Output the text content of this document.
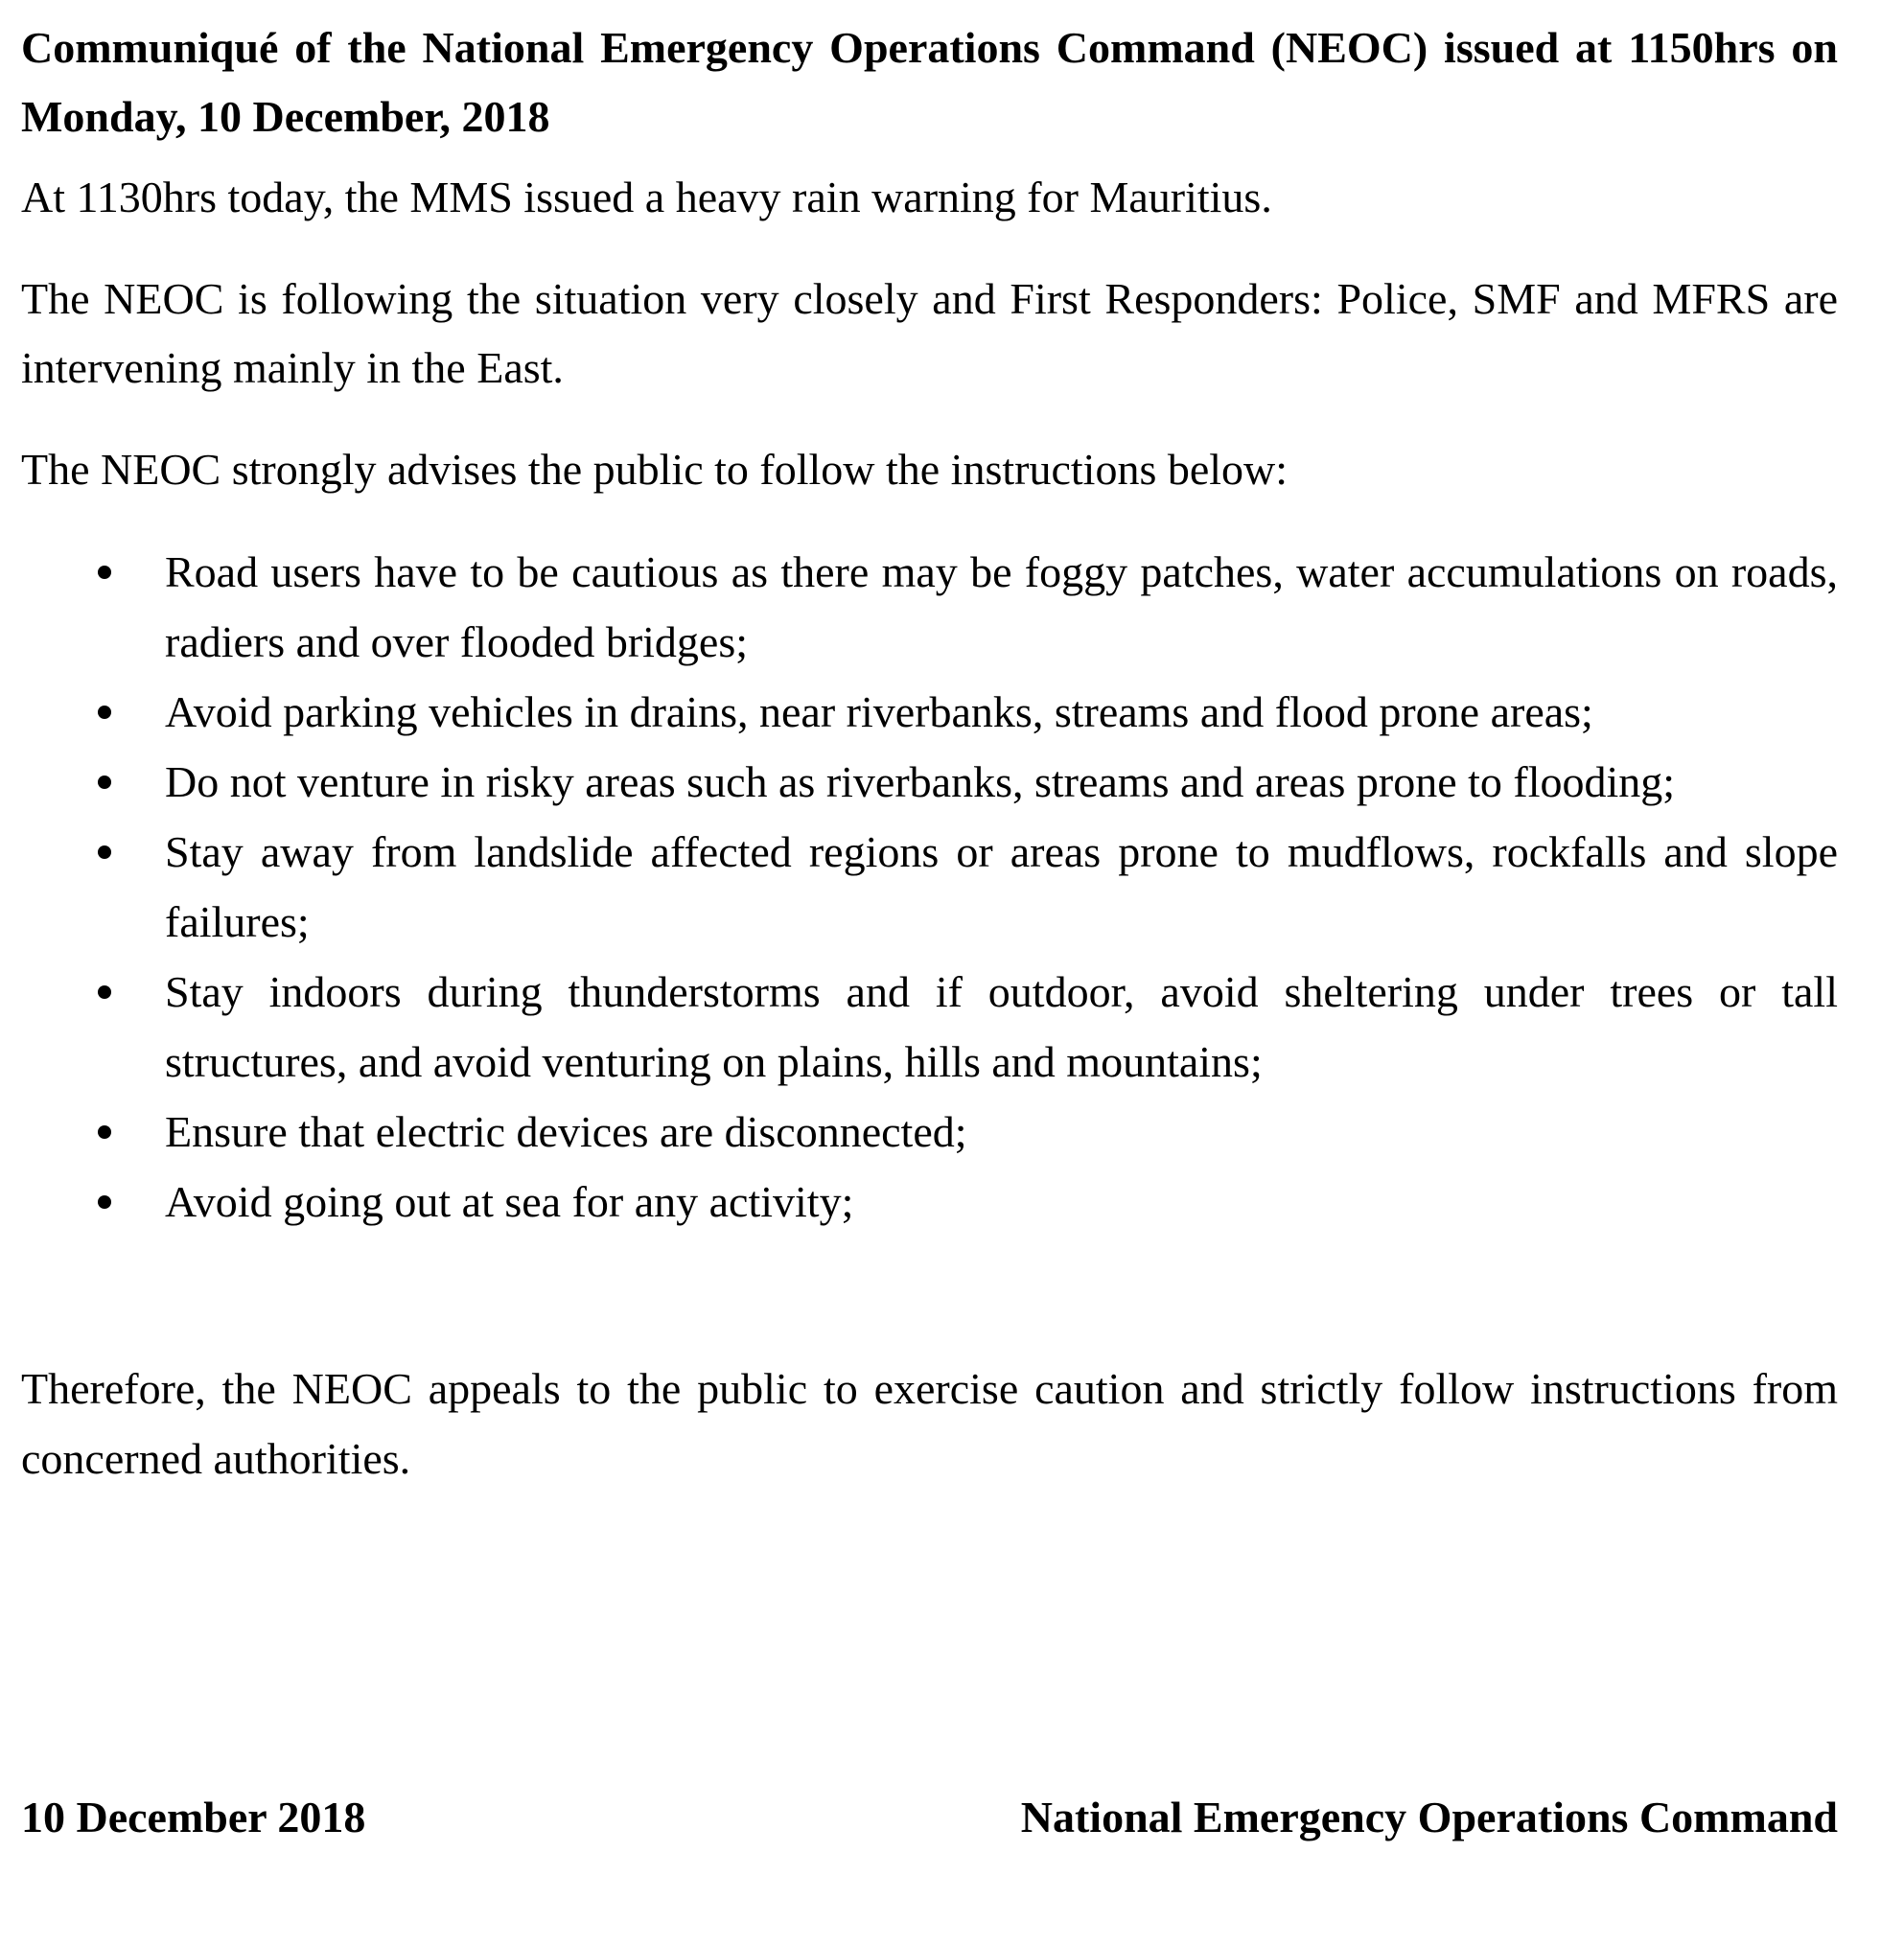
Communiqué of the National Emergency Operations Command (NEOC) issued at 1150hrs on Monday, 10 December, 2018

At 1130hrs today, the MMS issued a heavy rain warning for Mauritius.

The NEOC is following the situation very closely and First Responders: Police, SMF and MFRS are intervening mainly in the East.

The NEOC strongly advises the public to follow the instructions below:

Road users have to be cautious as there may be foggy patches, water accumulations on roads, radiers and over flooded bridges;
Avoid parking vehicles in drains, near riverbanks, streams and flood prone areas;
Do not venture in risky areas such as riverbanks, streams and areas prone to flooding;
Stay away from landslide affected regions or areas prone to mudflows, rockfalls and slope failures;
Stay indoors during thunderstorms and if outdoor, avoid sheltering under trees or tall structures, and avoid venturing on plains, hills and mountains;
Ensure that electric devices are disconnected;
Avoid going out at sea for any activity;

Therefore, the NEOC appeals to the public to exercise caution and strictly follow instructions from concerned authorities.

10 December 2018	National Emergency Operations Command
